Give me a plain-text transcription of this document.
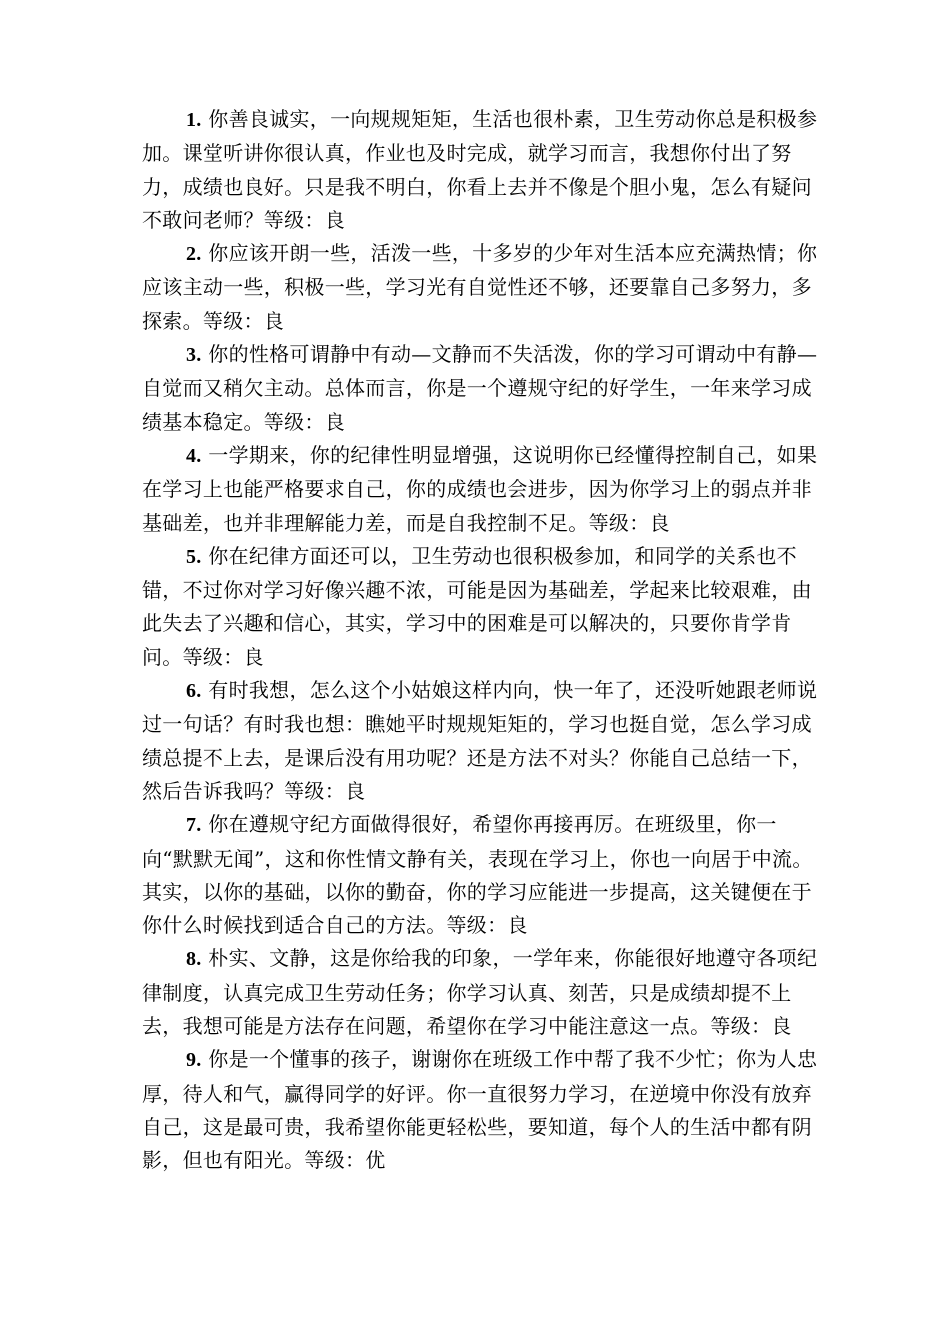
1. 你善良诚实，一向规规矩矩，生活也很朴素，卫生劳动你总是积极参加。课堂听讲你很认真，作业也及时完成，就学习而言，我想你付出了努力，成绩也良好。只是我不明白，你看上去并不像是个胆小鬼，怎么有疑问不敢问老师？等级：良

2. 你应该开朗一些，活泼一些，十多岁的少年对生活本应充满热情；你应该主动一些，积极一些，学习光有自觉性还不够，还要靠自己多努力，多探索。等级：良

3. 你的性格可谓静中有动—文静而不失活泼，你的学习可谓动中有静—自觉而又稍欠主动。总体而言，你是一个遵规守纪的好学生，一年来学习成绩基本稳定。等级：良

4. 一学期来，你的纪律性明显增强，这说明你已经懂得控制自己，如果在学习上也能严格要求自己，你的成绩也会进步，因为你学习上的弱点并非基础差，也并非理解能力差，而是自我控制不足。等级：良

5. 你在纪律方面还可以，卫生劳动也很积极参加，和同学的关系也不错，不过你对学习好像兴趣不浓，可能是因为基础差，学起来比较艰难，由此失去了兴趣和信心，其实，学习中的困难是可以解决的，只要你肯学肯问。等级：良

6. 有时我想，怎么这个小姑娘这样内向，快一年了，还没听她跟老师说过一句话？有时我也想：瞧她平时规规矩矩的，学习也挺自觉，怎么学习成绩总提不上去，是课后没有用功呢？还是方法不对头？你能自己总结一下，然后告诉我吗？等级：良

7. 你在遵规守纪方面做得很好，希望你再接再厉。在班级里，你一向“默默无闻”，这和你性情文静有关，表现在学习上，你也一向居于中流。其实，以你的基础，以你的勤奋，你的学习应能进一步提高，这关键便在于你什么时候找到适合自己的方法。等级：良

8. 朴实、文静，这是你给我的印象，一学年来，你能很好地遵守各项纪律制度，认真完成卫生劳动任务；你学习认真、刻苦，只是成绩却提不上去，我想可能是方法存在问题，希望你在学习中能注意这一点。等级：良

9. 你是一个懂事的孩子，谢谢你在班级工作中帮了我不少忙；你为人忠厚，待人和气，赢得同学的好评。你一直很努力学习，在逆境中你没有放弃自己，这是最可贵，我希望你能更轻松些，要知道，每个人的生活中都有阴影，但也有阳光。等级：优
